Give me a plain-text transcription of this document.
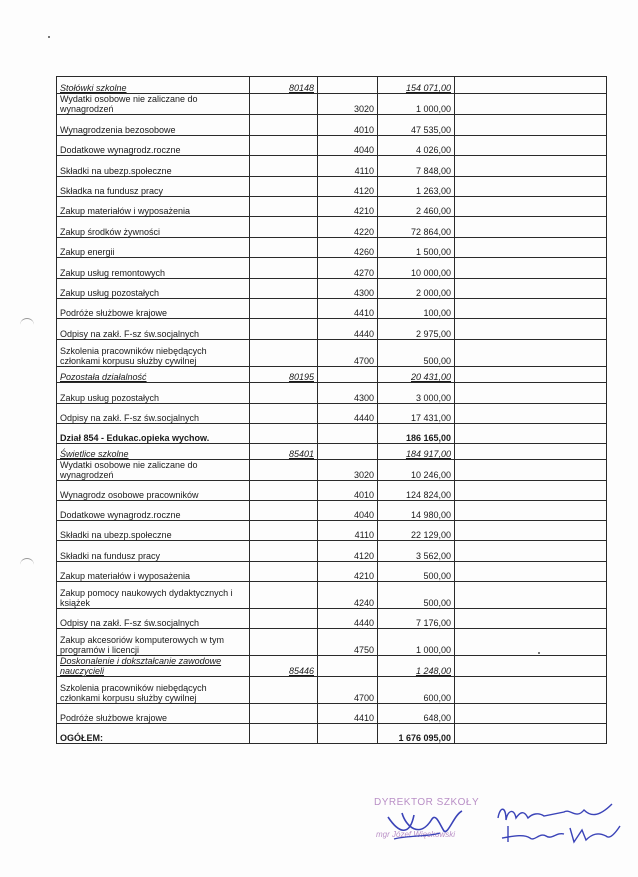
Stołówki szkolne	80148		154 071,00	
Wydatki osobowe nie zaliczane do wynagrodzeń		3020	1 000,00	
Wynagrodzenia bezosobowe		4010	47 535,00	
Dodatkowe wynagrodz.roczne		4040	4 026,00	
Składki na ubezp.społeczne		4110	7 848,00	
Składka na fundusz pracy		4120	1 263,00	
Zakup materiałów i wyposażenia		4210	2 460,00	
Zakup środków żywności		4220	72 864,00	
Zakup energii		4260	1 500,00	
Zakup usług remontowych		4270	10 000,00	
Zakup usług pozostałych		4300	2 000,00	
Podróże służbowe krajowe		4410	100,00	
Odpisy na zakł. F-sz św.socjalnych		4440	2 975,00	
Szkolenia pracowników niebędących członkami korpusu służby cywilnej		4700	500,00	
Pozostała działalność	80195		20 431,00	
Zakup usług pozostałych		4300	3 000,00	
Odpisy na zakł. F-sz św.socjalnych		4440	17 431,00	
Dział 854 - Edukac.opieka wychow.			186 165,00	
Świetlice szkolne	85401		184 917,00	
Wydatki osobowe nie zaliczane do wynagrodzeń		3020	10 246,00	
Wynagrodz osobowe pracowników		4010	124 824,00	
Dodatkowe wynagrodz.roczne		4040	14 980,00	
Składki na ubezp.społeczne		4110	22 129,00	
Składki na fundusz pracy		4120	3 562,00	
Zakup materiałów i wyposażenia		4210	500,00	
Zakup pomocy naukowych dydaktycznych i książek		4240	500,00	
Odpisy na zakł. F-sz św.socjalnych		4440	7 176,00	
Zakup akcesoriów komputerowych w tym programów i licencji		4750	1 000,00	
Doskonalenie i dokształcanie zawodowe nauczycieli	85446		1 248,00	
Szkolenia pracowników niebędących członkami korpusu służby cywilnej		4700	600,00	
Podróże służbowe krajowe		4410	648,00	
OGÓŁEM:			1 676 095,00	
DYREKTOR SZKOŁY
mgr Józef Więckowski
